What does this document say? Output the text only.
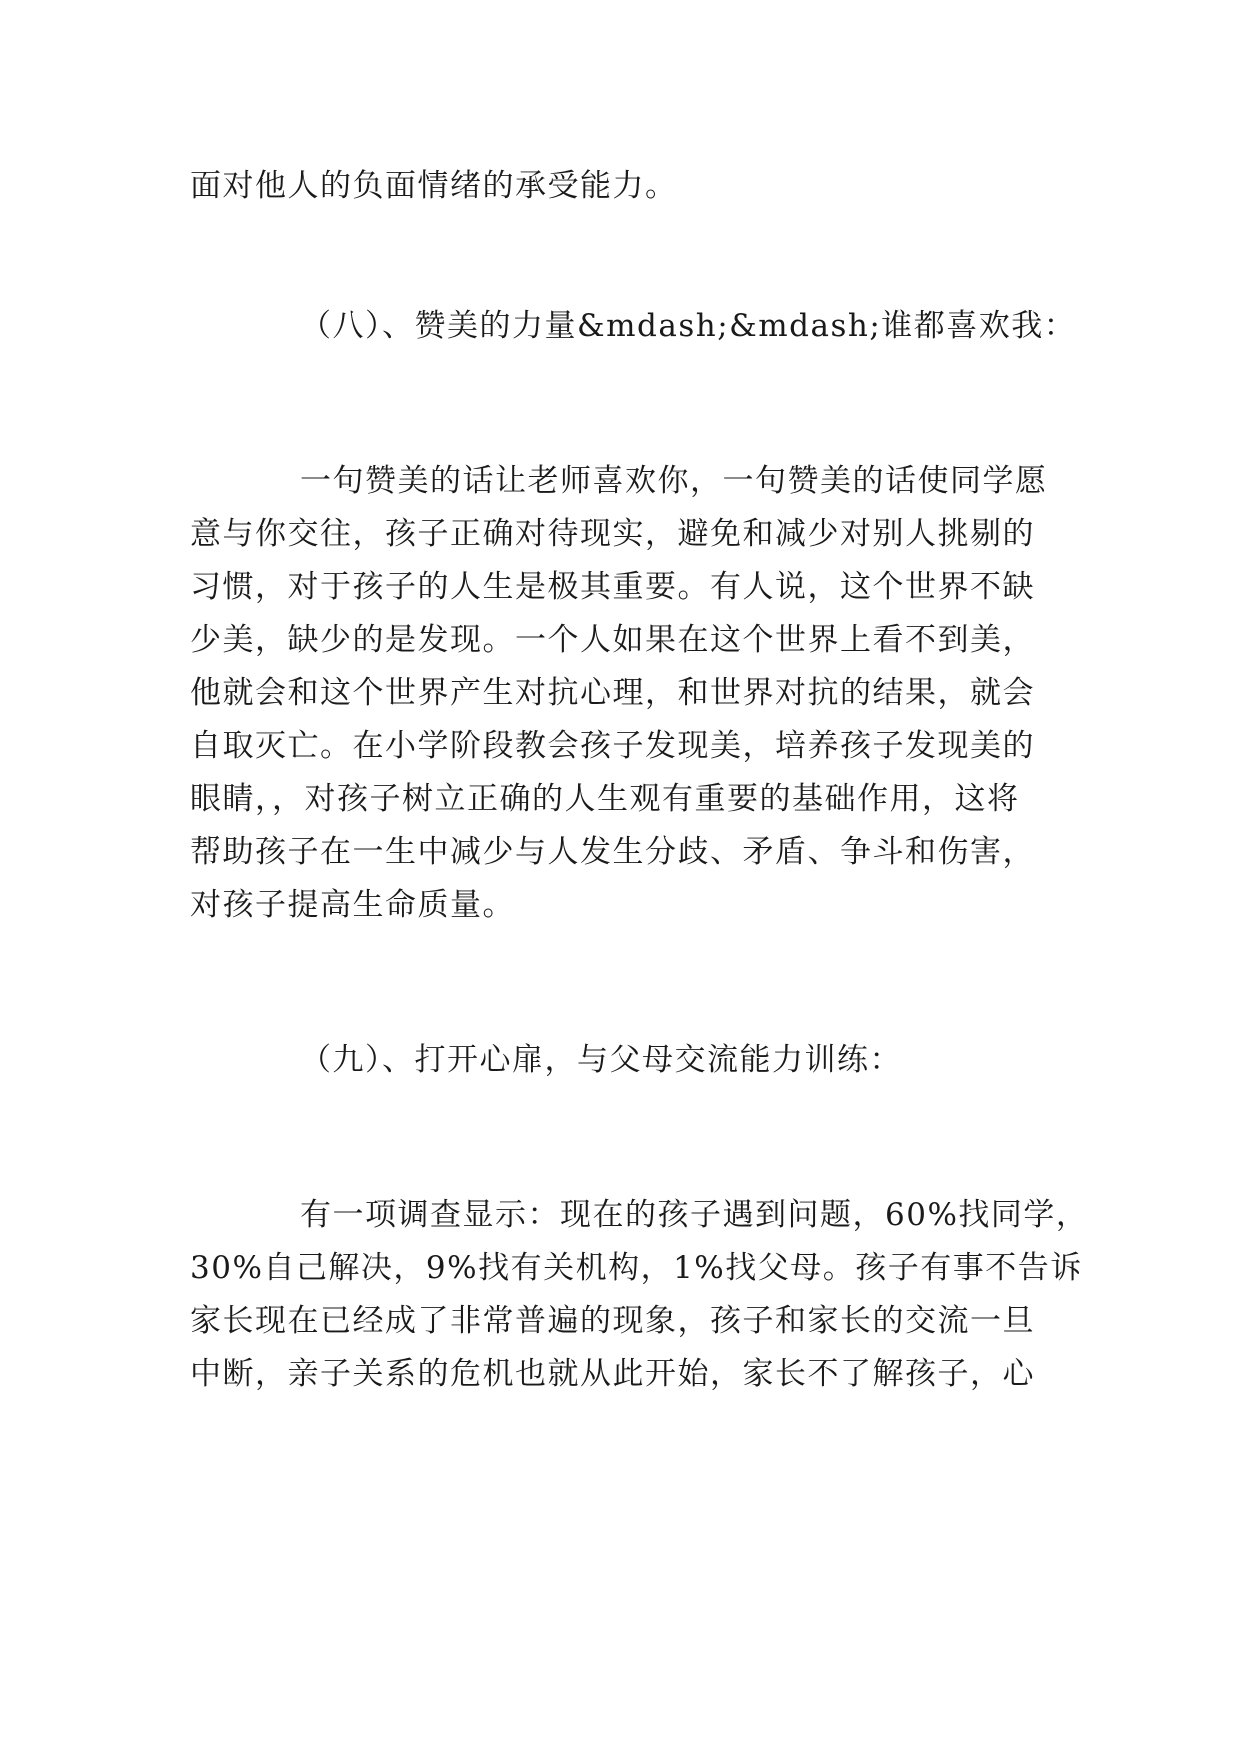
面对他人的负面情绪的承受能力。
（八）、赞美的力量&mdash;&mdash;谁都喜欢我：
一句赞美的话让老师喜欢你，一句赞美的话使同学愿
意与你交往，孩子正确对待现实，避免和减少对别人挑剔的
习惯，对于孩子的人生是极其重要。有人说，这个世界不缺
少美，缺少的是发现。一个人如果在这个世界上看不到美，
他就会和这个世界产生对抗心理，和世界对抗的结果，就会
自取灭亡。在小学阶段教会孩子发现美，培养孩子发现美的
眼睛，，对孩子树立正确的人生观有重要的基础作用，这将
帮助孩子在一生中减少与人发生分歧、矛盾、争斗和伤害，
对孩子提高生命质量。
（九）、打开心扉，与父母交流能力训练：
有一项调查显示：现在的孩子遇到问题，60%找同学，
30%自己解决，9%找有关机构，1%找父母。孩子有事不告诉
家长现在已经成了非常普遍的现象，孩子和家长的交流一旦
中断，亲子关系的危机也就从此开始，家长不了解孩子，心
